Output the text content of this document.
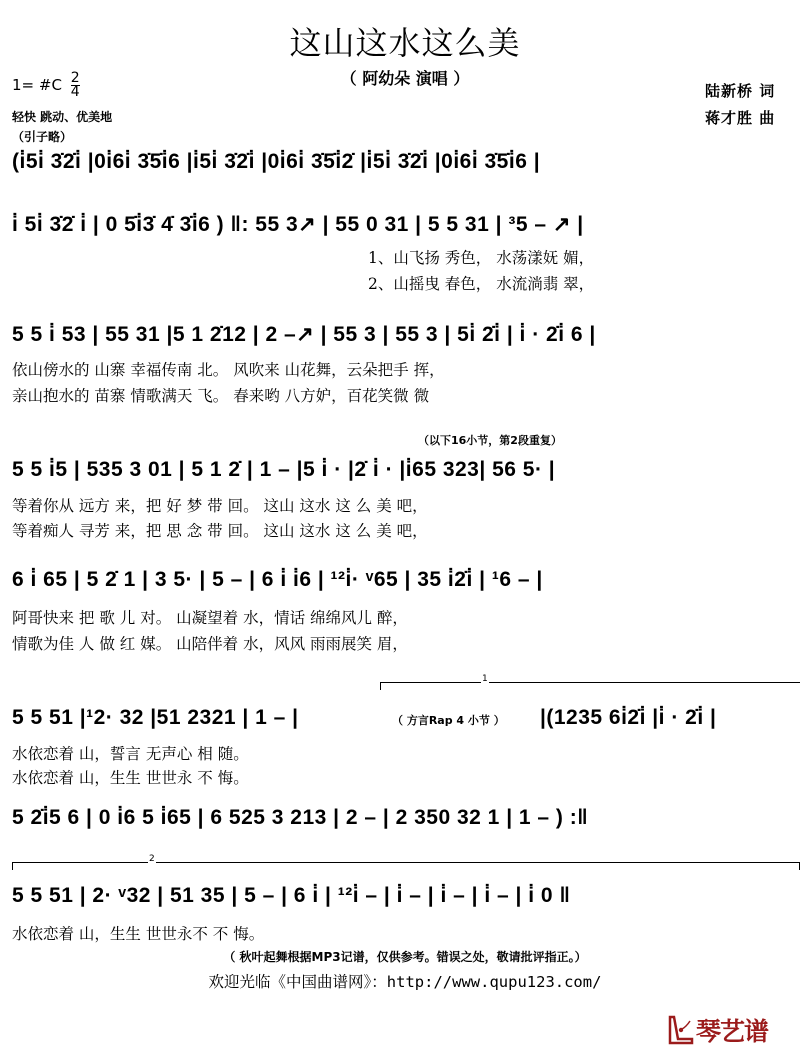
这山这水这么美
（ 阿幼朵 演唱 ）
1= #C $\frac{2}{4}$
轻快 跳动、优美地
（引子略）
陆新桥 词
蒋才胜 曲
(i̇5i̇ 3̇2̇i̇ |0i̇6i̇ 3̇5̇i̇6 |i̇5i̇ 3̇2̇i̇ |0i̇6i̇ 3̇5̇i̇2̇ |i̇5i̇ 3̇2̇i̇ |0i̇6i̇ 3̇5̇i̇6 |
i̇ 5i̇ 3̇2̇ i̇ | 0 5̇i̇3̇ 4̇ 3̇i̇6 ) ‖: 55 3↗ | 55 0 31 | 5 5 31 | ³5 – ↗ |
1、山飞扬 秀色， 水荡漾妩 媚，
2、山摇曳 春色， 水流淌翡 翠，
5 5 i̇ 53 | 55 31 |5 1 2̇12 | 2 –↗ | 55 3 | 55 3 | 5i̇ 2̇i̇ | i̇ · 2̇i̇ 6 |
依山傍水的 山寨 幸福传南 北。 风吹来 山花舞，云朵把手 挥，
亲山抱水的 苗寨 情歌满天 飞。 春来哟 八方妒，百花笑微 微
（以下16小节，第2段重复）
5 5 i̇5 | 535 3 01 | 5 1 2̇ | 1 – |5 i̇ · |2̇ i̇ · |i̇65 323| 56 5· |
等着你从 远方 来，把 好 梦 带 回。 这山 这水 这 么 美 吧，
等着痴人 寻芳 来，把 思 念 带 回。 这山 这水 这 么 美 吧，
6 i̇ 65 | 5 2̇ 1 | 3 5· | 5 – | 6 i̇ i̇6 | ¹²i̇· ᵛ65 | 35 i̇2̇i̇ | ¹6 – |
阿哥快来 把 歌 儿 对。 山凝望着 水，情话 绵绵风儿 醉，
情歌为佳 人 做 红 媒。 山陪伴着 水，风风 雨雨展笑 眉，
1
5 5 51 |¹2· 32 |51 2321 | 1 – |	（ 方言Rap 4 小节 ） |(1235 6i̇2̇i̇ |i̇ · 2̇i̇ |
水依恋着 山，誓言 无声心 相 随。
水依恋着 山，生生 世世永 不 悔。
5 2̇i̇5 6 | 0 i̇6 5 i̇65 | 6 525 3 213 | 2 – | 2 350 32 1 | 1 – ) :‖
2
5 5 51 | 2· ᵛ32 | 51 35 | 5 – | 6 i̇ | ¹²i̇ – | i̇ – | i̇ – | i̇ – | i̇ 0 ‖
水依恋着 山，生生 世世永不 不 悔。
（ 秋叶起舞根据MP3记谱，仅供参考。错误之处，敬请批评指正。）
欢迎光临《中国曲谱网》：http://www.qupu123.com/
琴艺谱
